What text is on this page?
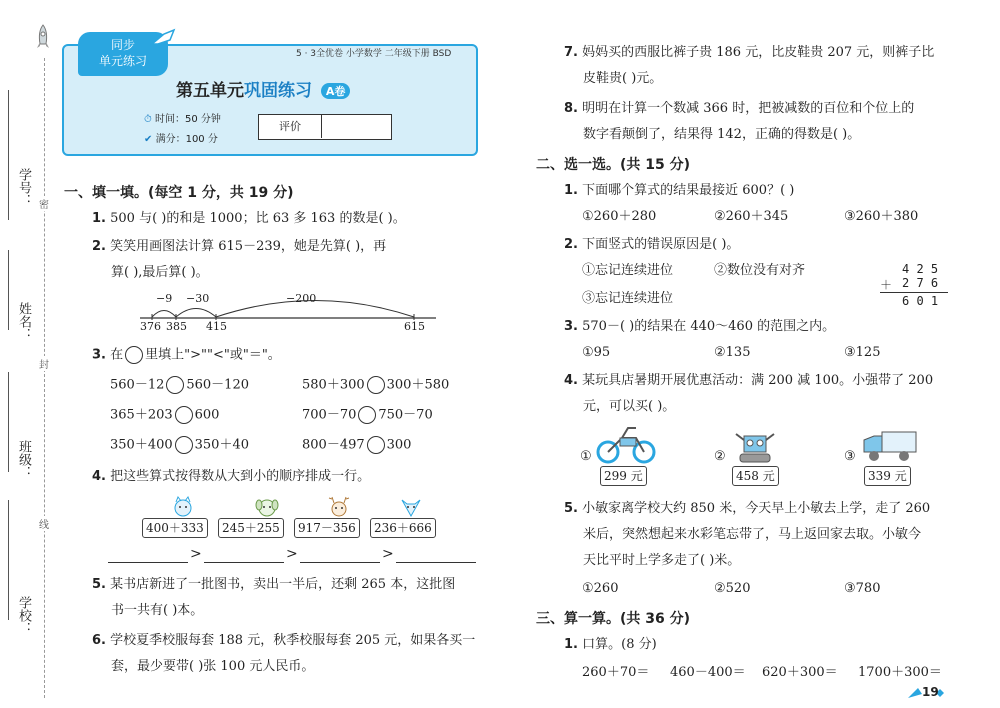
学号：
姓名：
班级：
学校：
密
封
线
同步
单元练习	5 · 3全优卷 小学数学 二年级下册 BSD
第五单元巩固练习 A卷
⏱ 时间：50 分钟
✔ 满分：100 分
评价
一、填一填。(每空 1 分，共 19 分)
1. 500 与( )的和是 1000；比 63 多 163 的数是( )。
2. 笑笑用画图法计算 615－239，她是先算( )，再
算( ),最后算( )。
−9 −30	−200
376 385 415	615
3. 在 里填上">""<"或"＝"。
560－12 560－120	580＋300 300＋580
365＋203 600	700－70 750－70
350＋400 350＋40	800－497 300
4. 把这些算式按得数从大到小的顺序排成一行。
400＋333	245＋255	917－356	236＋666
>	>	>
5. 某书店新进了一批图书，卖出一半后，还剩 265 本，这批图
书一共有( )本。
6. 学校夏季校服每套 188 元，秋季校服每套 205 元，如果各买一
套，最少要带( )张 100 元人民币。
7. 妈妈买的西服比裤子贵 186 元，比皮鞋贵 207 元，则裤子比
皮鞋贵( )元。
8. 明明在计算一个数减 366 时，把被减数的百位和个位上的
数字看颠倒了，结果得 142，正确的得数是( )。
二、选一选。(共 15 分)
1. 下面哪个算式的结果最接近 600？( )
①260＋280	②260＋345	③260＋380
2. 下面竖式的错误原因是( )。
①忘记连续进位	②数位没有对齐
③忘记连续进位
4 2 5
＋ 2 7 6
6 0 1
3. 570－( )的结果在 440～460 的范围之内。
①95	②135	③125
4. 某玩具店暑期开展优惠活动：满 200 减 100。小强带了 200
元，可以买( )。
①
299 元
②
458 元
③
339 元
5. 小敏家离学校大约 850 米，今天早上小敏去上学，走了 260
米后，突然想起来水彩笔忘带了，马上返回家去取。小敏今
天比平时上学多走了( )米。
①260	②520	③780
三、算一算。(共 36 分)
1. 口算。(8 分)
260＋70＝ 460－400＝ 620＋300＝ 1700＋300＝
19
